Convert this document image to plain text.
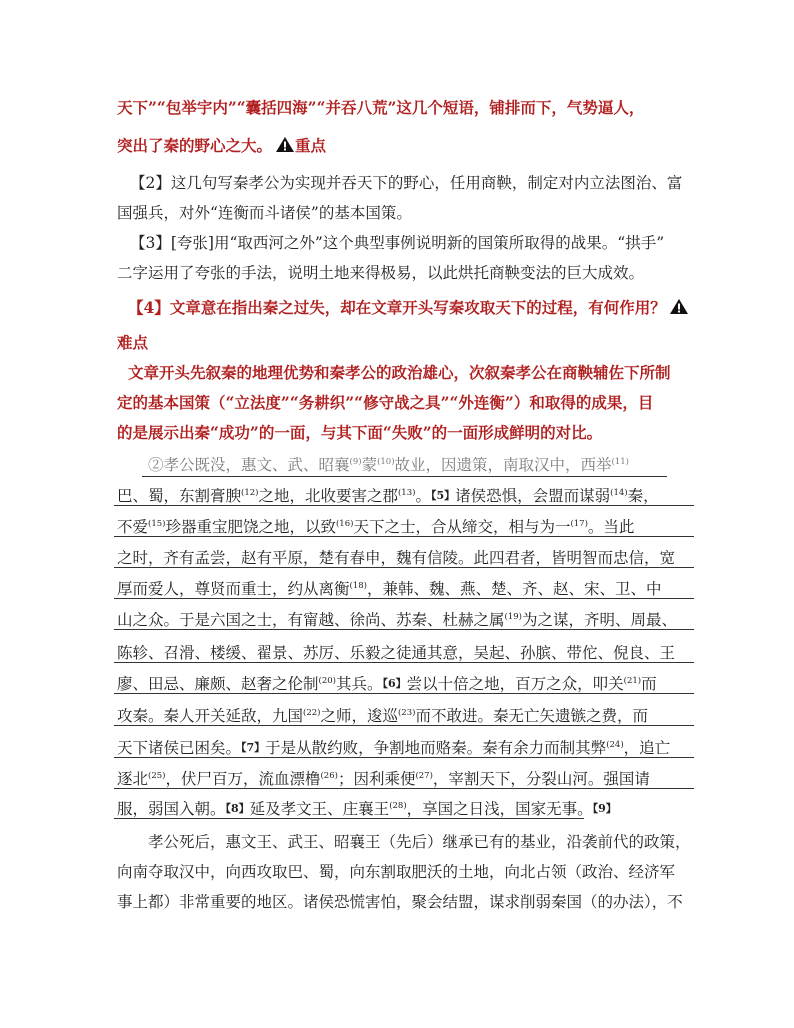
天下”“包举宇内”“囊括四海”“并吞八荒”这几个短语，铺排而下，气势逼人，
突出了秦的野心之大。 重点
【2】这几句写秦孝公为实现并吞天下的野心，任用商鞅，制定对内立法图治、富
国强兵，对外“连衡而斗诸侯”的基本国策。
【3】[夸张]用“取西河之外”这个典型事例说明新的国策所取得的战果。“拱手”
二字运用了夸张的手法，说明土地来得极易，以此烘托商鞅变法的巨大成效。
【4】文章意在指出秦之过失，却在文章开头写秦攻取天下的过程，有何作用？
难点
文章开头先叙秦的地理优势和秦孝公的政治雄心，次叙秦孝公在商鞅辅佐下所制
定的基本国策（“立法度”“务耕织”“修守战之具”“外连衡”）和取得的成果，目
的是展示出秦“成功”的一面，与其下面“失败”的一面形成鲜明的对比。
②孝公既没，惠文、武、昭襄$^{(9)}$蒙$^{(10)}$故业，因遗策，南取汉中，西举$^{(11)}$
巴、蜀，东割膏腴$^{(12)}$之地，北收要害之郡$^{(13)}$。$^{【5】}$诸侯恐惧，会盟而谋弱$^{(14)}$秦，
不爱$^{(15)}$珍器重宝肥饶之地，以致$^{(16)}$天下之士，合从缔交，相与为一$^{(17)}$。当此
之时，齐有孟尝，赵有平原，楚有春申，魏有信陵。此四君者，皆明智而忠信，宽
厚而爱人，尊贤而重士，约从离衡$^{(18)}$，兼韩、魏、燕、楚、齐、赵、宋、卫、中
山之众。于是六国之士，有甯越、徐尚、苏秦、杜赫之属$^{(19)}$为之谋，齐明、周最、
陈轸、召滑、楼缓、翟景、苏厉、乐毅之徒通其意，吴起、孙膑、带佗、倪良、王
廖、田忌、廉颇、赵奢之伦制$^{(20)}$其兵。$^{【6】}$尝以十倍之地，百万之众，叩关$^{(21)}$而
攻秦。秦人开关延敌，九国$^{(22)}$之师，逡巡$^{(23)}$而不敢进。秦无亡矢遗镞之费，而
天下诸侯已困矣。$^{【7】}$于是从散约败，争割地而赂秦。秦有余力而制其弊$^{(24)}$，追亡
逐北$^{(25)}$，伏尸百万，流血漂橹$^{(26)}$；因利乘便$^{(27)}$，宰割天下，分裂山河。强国请
服，弱国入朝。$^{【8】}$延及孝文王、庄襄王$^{(28)}$，享国之日浅，国家无事。$^{【9】}$
孝公死后，惠文王、武王、昭襄王（先后）继承已有的基业，沿袭前代的政策，
向南夺取汉中，向西攻取巴、蜀，向东割取肥沃的土地，向北占领（政治、经济军
事上都）非常重要的地区。诸侯恐慌害怕，聚会结盟，谋求削弱秦国（的办法），不
